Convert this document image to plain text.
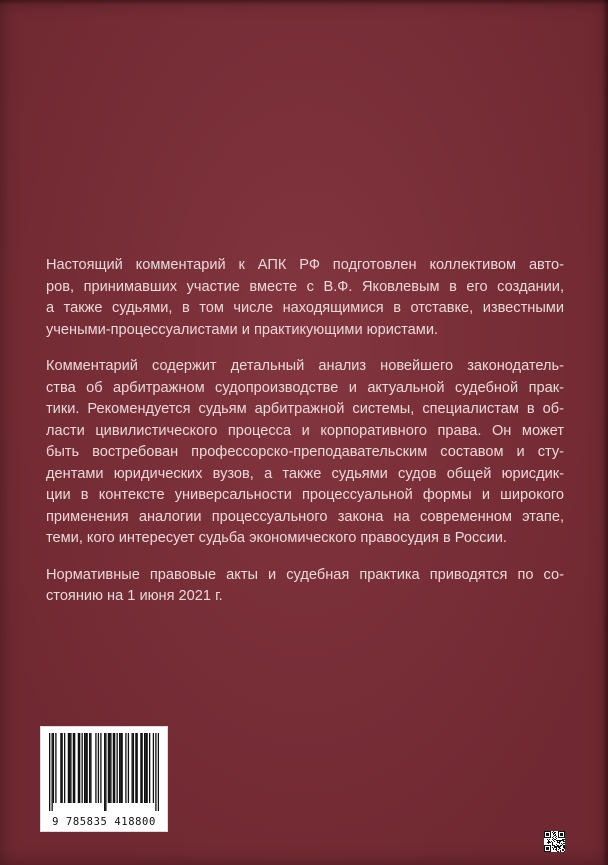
Настоящий комментарий к АПК РФ подготовлен коллективом авто-
ров, принимавших участие вместе с В.Ф. Яковлевым в его создании,
а также судьями, в том числе находящимися в отставке, известными
учеными-процессуалистами и практикующими юристами.

Комментарий содержит детальный анализ новейшего законодатель-
ства об арбитражном судопроизводстве и актуальной судебной прак-
тики. Рекомендуется судьям арбитражной системы, специалистам в об-
ласти цивилистического процесса и корпоративного права. Он может
быть востребован профессорско-преподавательским составом и сту-
дентами юридических вузов, а также судьями судов общей юрисдик-
ции в контексте универсальности процессуальной формы и широкого
применения аналогии процессуального закона на современном этапе,
теми, кого интересует судьба экономического правосудия в России.

Нормативные правовые акты и судебная практика приводятся по со-
стоянию на 1 июня 2021 г.

9 785835 418800
